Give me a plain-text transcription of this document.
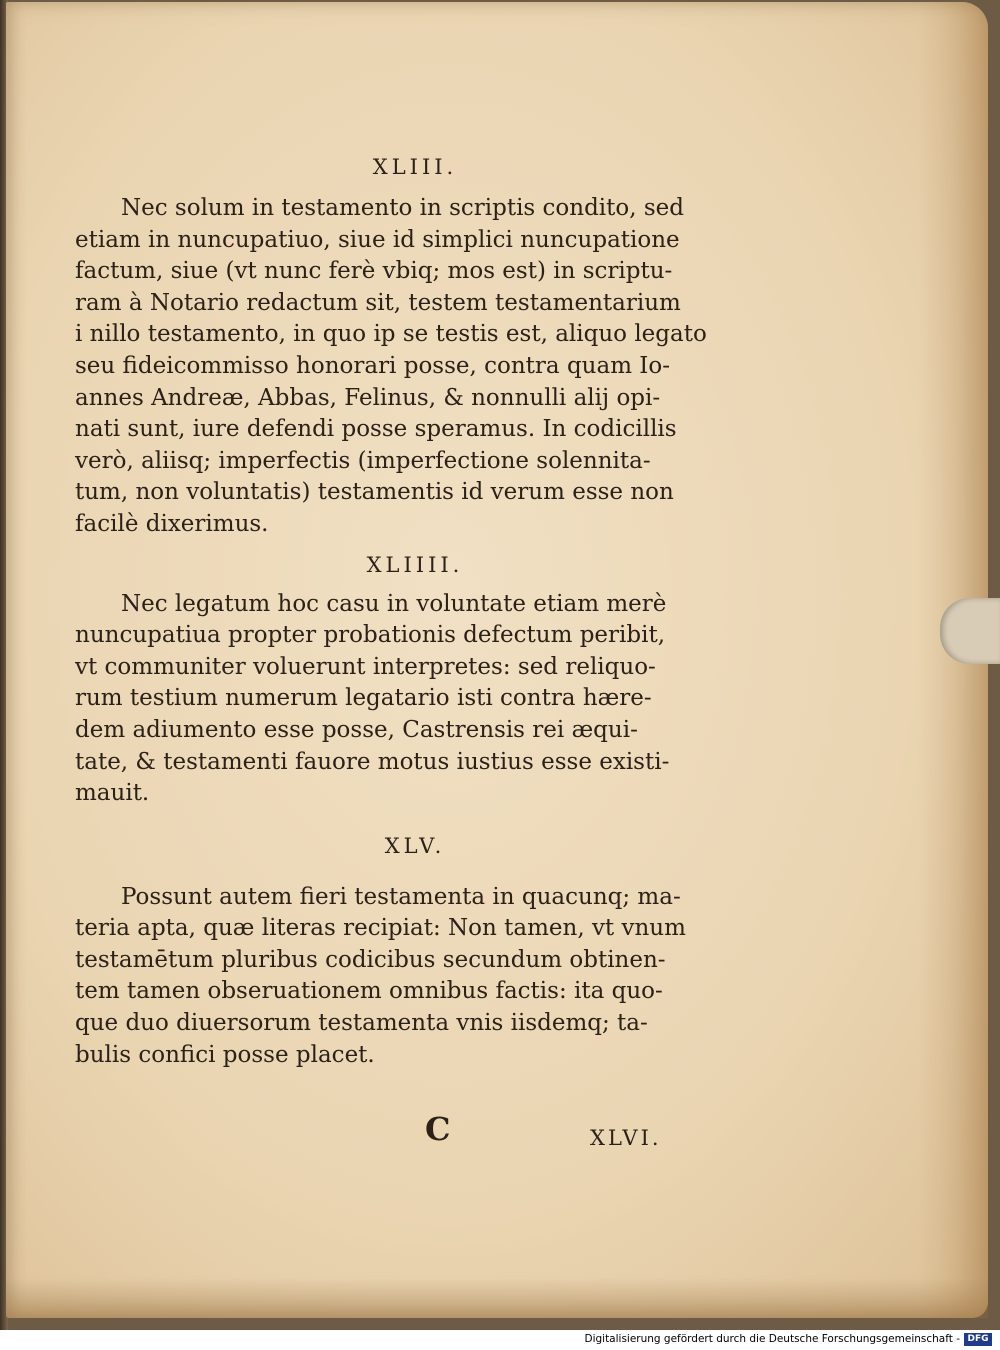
XLIII.

Nec solum in testamento in scriptis condito, sed
etiam in nuncupatiuo, siue id simplici nuncupatione
factum, siue (vt nunc ferè vbiq; mos est) in scriptu-
ram à Notario redactum sit, testem testamentarium
i nillo testamento, in quo ip se testis est, aliquo legato
seu fideicommisso honorari posse, contra quam Io-
annes Andreæ, Abbas, Felinus, & nonnulli alij opi-
nati sunt, iure defendi posse speramus. In codicillis
verò, aliisq; imperfectis (imperfectione solennita-
tum, non voluntatis) testamentis id verum esse non
facilè dixerimus.

XLIIII.

Nec legatum hoc casu in voluntate etiam merè
nuncupatiua propter probationis defectum peribit,
vt communiter voluerunt interpretes: sed reliquo-
rum testium numerum legatario isti contra hære-
dem adiumento esse posse, Castrensis rei æqui-
tate, & testamenti fauore motus iustius esse existi-
mauit.

XLV.

Possunt autem fieri testamenta in quacunq; ma-
teria apta, quæ literas recipiat: Non tamen, vt vnum
testamētum pluribus codicibus secundum obtinen-
tem tamen obseruationem omnibus factis: ita quo-
que duo diuersorum testamenta vnis iisdemq; ta-
bulis confici posse placet.
C	XLVI.
Digitalisierung gefördert durch die Deutsche Forschungsgemeinschaft - DFG
